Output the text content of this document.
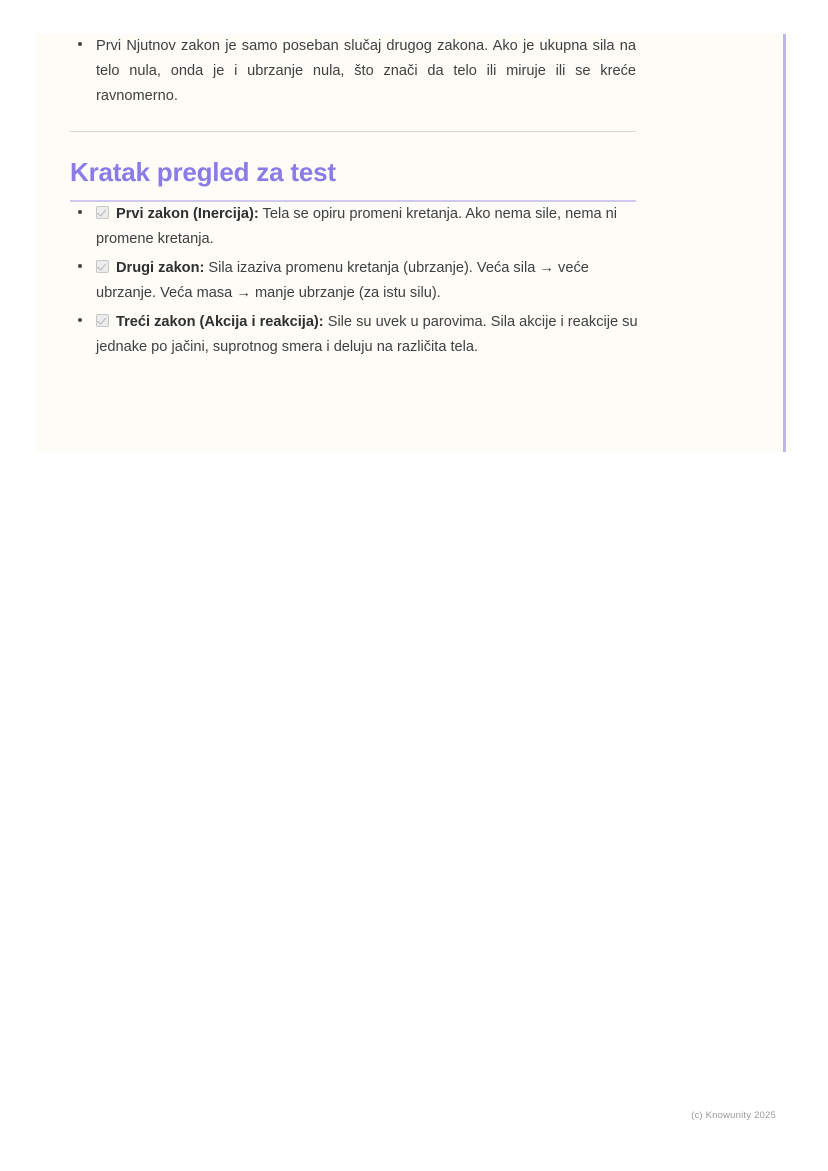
Prvi Njutnov zakon je samo poseban slučaj drugog zakona. Ako je ukupna sila na telo nula, onda je i ubrzanje nula, što znači da telo ili miruje ili se kreće ravnomerno.

Kratak pregled za test
Prvi zakon (Inercija): Tela se opiru promeni kretanja. Ako nema sile, nema ni promene kretanja.
Drugi zakon: Sila izaziva promenu kretanja (ubrzanje). Veća sila → veće ubrzanje. Veća masa → manje ubrzanje (za istu silu).
Treći zakon (Akcija i reakcija): Sile su uvek u parovima. Sila akcije i reakcije su jednake po jačini, suprotnog smera i deluju na različita tela.
(c) Knowunity 2025
